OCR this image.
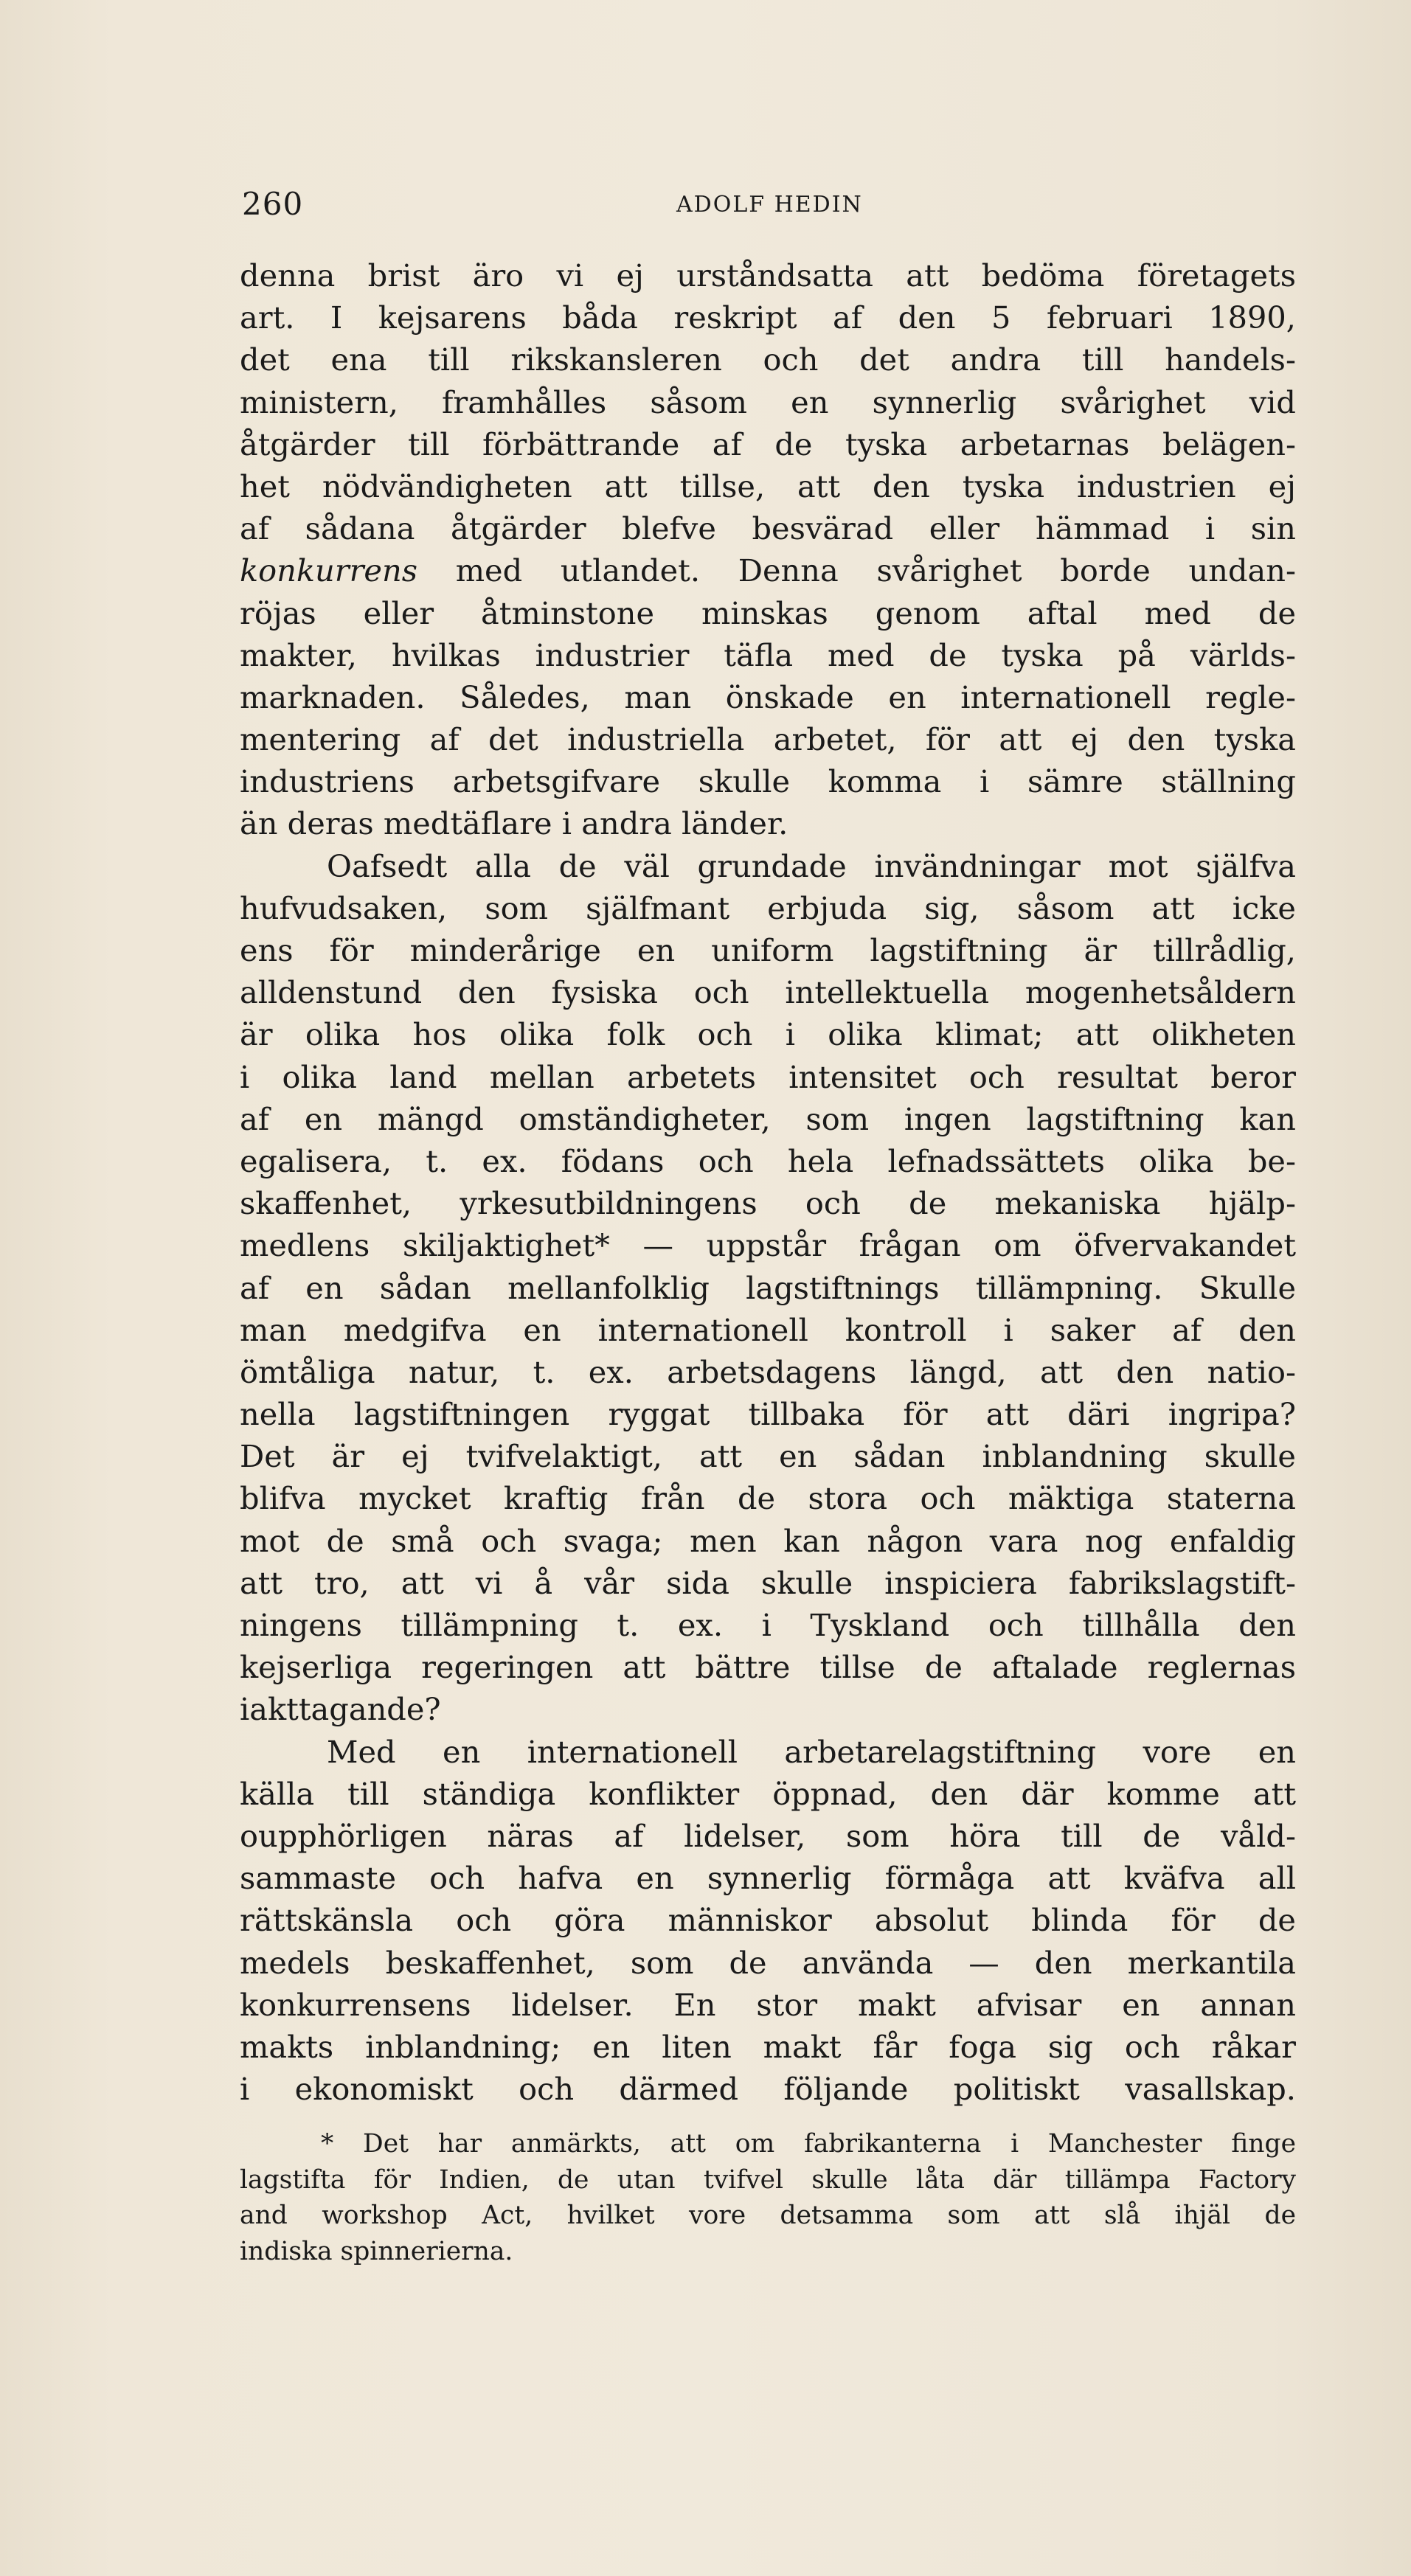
260	ADOLF HEDIN
denna brist äro vi ej urståndsatta att bedöma företagets
art. I kejsarens båda reskript af den 5 februari 1890,
det ena till rikskansleren och det andra till handels-
ministern, framhålles såsom en synnerlig svårighet vid
åtgärder till förbättrande af de tyska arbetarnas belägen-
het nödvändigheten att tillse, att den tyska industrien ej
af sådana åtgärder blefve besvärad eller hämmad i sin
konkurrens med utlandet. Denna svårighet borde undan-
röjas eller åtminstone minskas genom aftal med de
makter, hvilkas industrier täfla med de tyska på världs-
marknaden. Således, man önskade en internationell regle-
mentering af det industriella arbetet, för att ej den tyska
industriens arbetsgifvare skulle komma i sämre ställning
än deras medtäflare i andra länder.
Oafsedt alla de väl grundade invändningar mot själfva
hufvudsaken, som själfmant erbjuda sig, såsom att icke
ens för minderårige en uniform lagstiftning är tillrådlig,
alldenstund den fysiska och intellektuella mogenhetsåldern
är olika hos olika folk och i olika klimat; att olikheten
i olika land mellan arbetets intensitet och resultat beror
af en mängd omständigheter, som ingen lagstiftning kan
egalisera, t. ex. födans och hela lefnadssättets olika be-
skaffenhet, yrkesutbildningens och de mekaniska hjälp-
medlens skiljaktighet* — uppstår frågan om öfvervakandet
af en sådan mellanfolklig lagstiftnings tillämpning. Skulle
man medgifva en internationell kontroll i saker af den
ömtåliga natur, t. ex. arbetsdagens längd, att den natio-
nella lagstiftningen ryggat tillbaka för att däri ingripa?
Det är ej tvifvelaktigt, att en sådan inblandning skulle
blifva mycket kraftig från de stora och mäktiga staterna
mot de små och svaga; men kan någon vara nog enfaldig
att tro, att vi å vår sida skulle inspiciera fabrikslagstift-
ningens tillämpning t. ex. i Tyskland och tillhålla den
kejserliga regeringen att bättre tillse de aftalade reglernas
iakttagande?
Med en internationell arbetarelagstiftning vore en
källa till ständiga konflikter öppnad, den där komme att
oupphörligen näras af lidelser, som höra till de våld-
sammaste och hafva en synnerlig förmåga att kväfva all
rättskänsla och göra människor absolut blinda för de
medels beskaffenhet, som de använda — den merkantila
konkurrensens lidelser. En stor makt afvisar en annan
makts inblandning; en liten makt får foga sig och råkar
i ekonomiskt och därmed följande politiskt vasallskap.
* Det har anmärkts, att om fabrikanterna i Manchester finge
lagstifta för Indien, de utan tvifvel skulle låta där tillämpa Factory
and workshop Act, hvilket vore detsamma som att slå ihjäl de
indiska spinnerierna.
